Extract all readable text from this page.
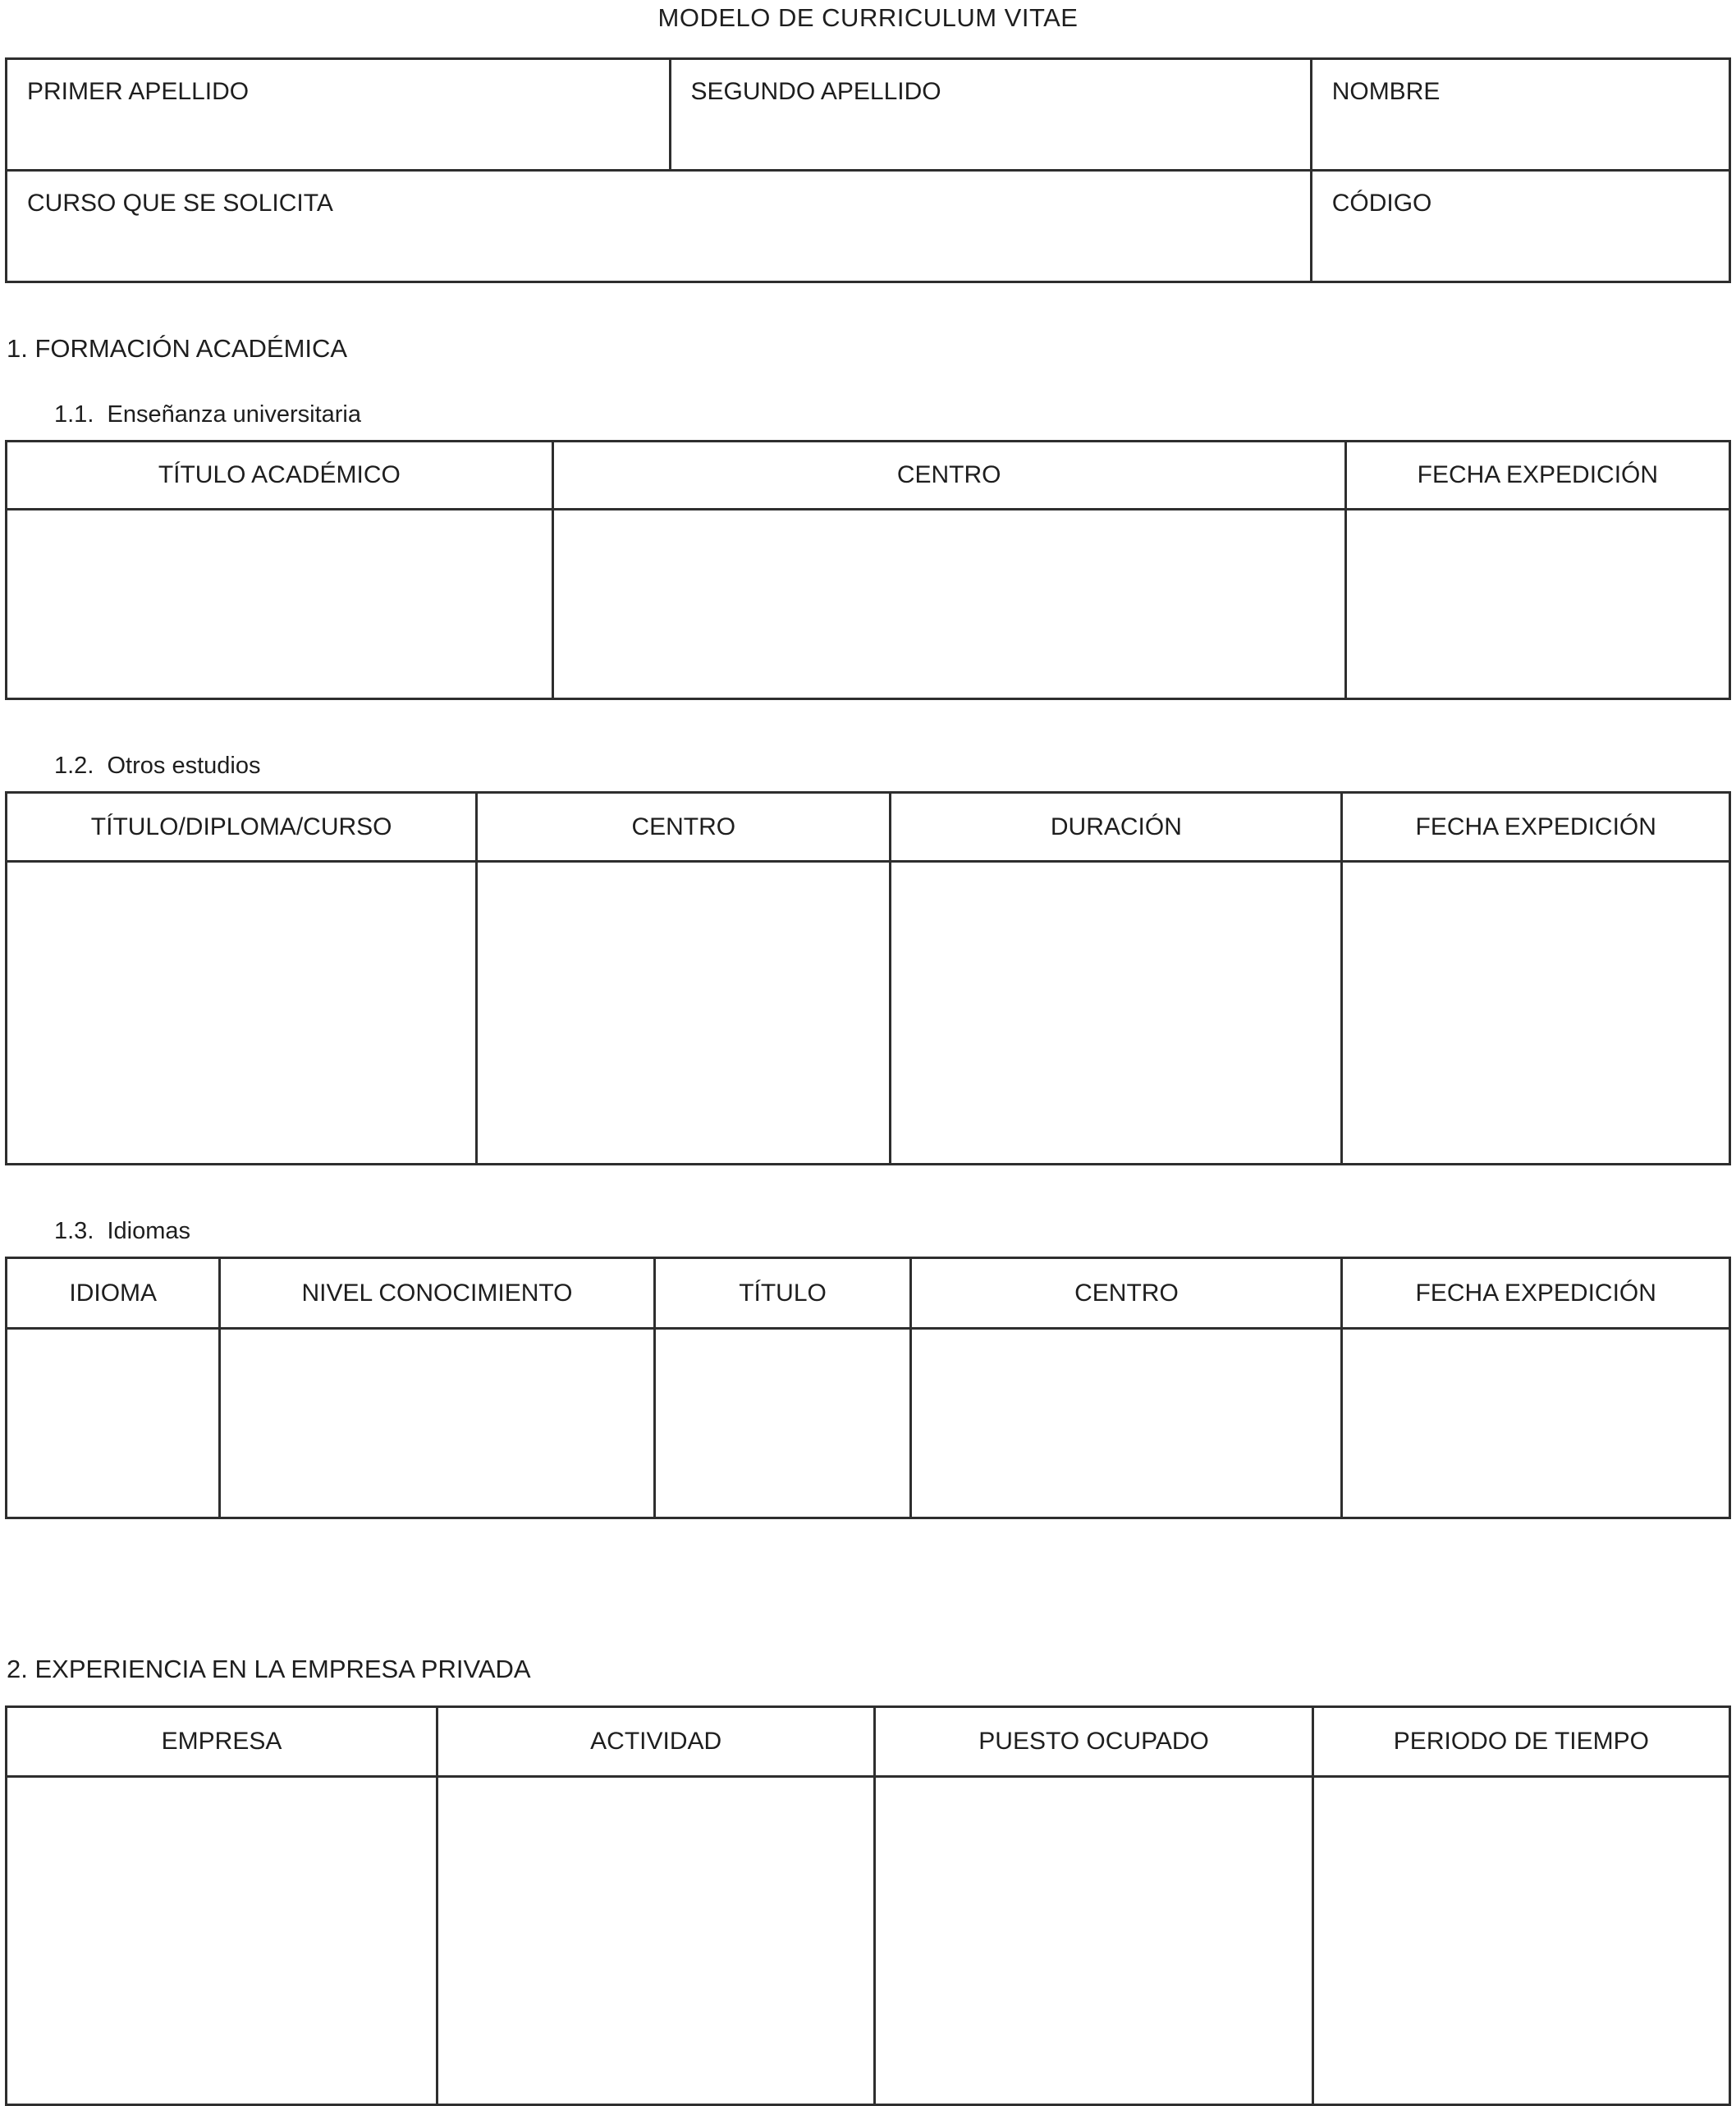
MODELO DE CURRICULUM VITAE
PRIMER APELLIDO	SEGUNDO APELLIDO	NOMBRE
CURSO QUE SE SOLICITA		CÓDIGO
1. FORMACIÓN ACADÉMICA

1.1.  Enseñanza universitaria

TÍTULO ACADÉMICO	CENTRO	FECHA EXPEDICIÓN

1.2.  Otros estudios

TÍTULO/DIPLOMA/CURSO	CENTRO	DURACIÓN	FECHA EXPEDICIÓN

1.3.  Idiomas

IDIOMA	NIVEL CONOCIMIENTO	TÍTULO	CENTRO	FECHA EXPEDICIÓN

2. EXPERIENCIA EN LA EMPRESA PRIVADA
EMPRESA	ACTIVIDAD	PUESTO OCUPADO	PERIODO DE TIEMPO
